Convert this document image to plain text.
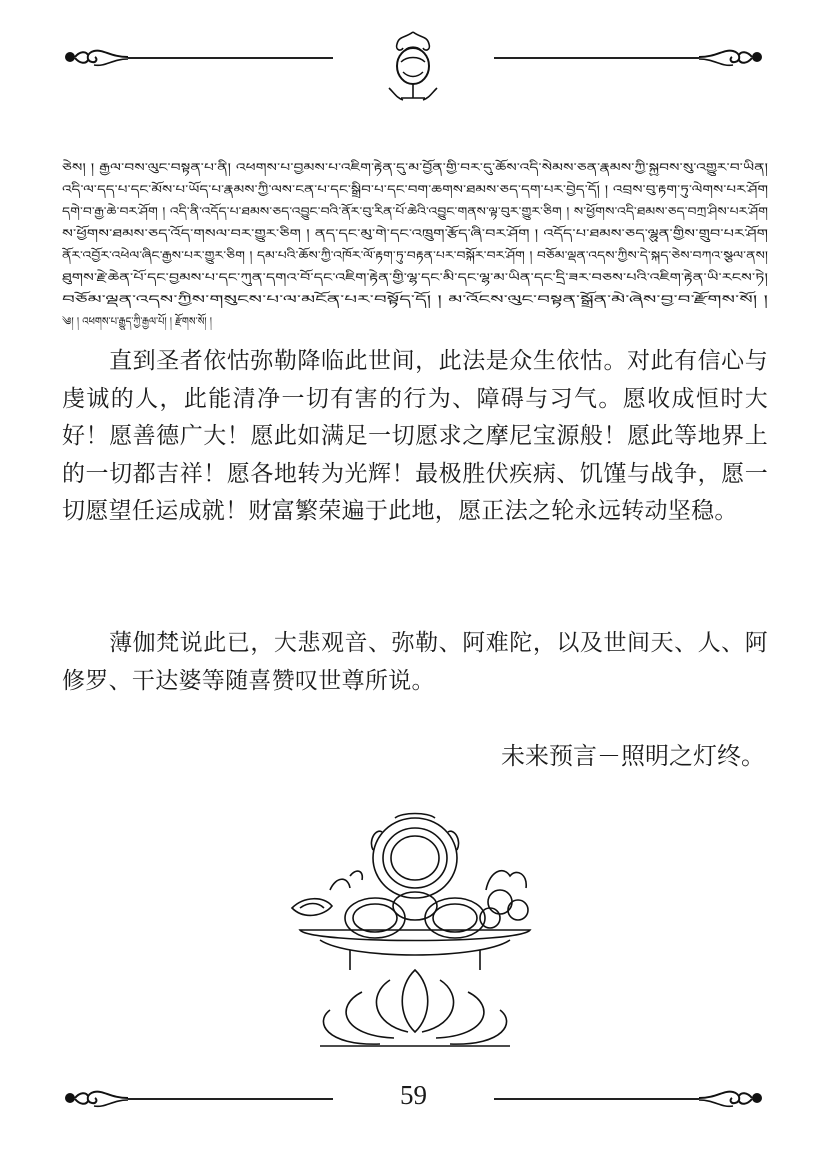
ཅེས། ། རྒྱལ་བས་ལུང་བསྟན་པ་ནི། འཕགས་པ་བྱམས་པ་འཇིག་རྟེན་དུ་མ་བྱོན་གྱི་བར་དུ་ཆོས་འདི་སེམས་ཅན་རྣམས་ཀྱི་སྐྱབས་སུ་འགྱུར་བ་ཡིན།
འདི་ལ་དད་པ་དང་མོས་པ་ཡོད་པ་རྣམས་ཀྱི་ལས་ངན་པ་དང་སྒྲིབ་པ་དང་བག་ཆགས་ཐམས་ཅད་དག་པར་བྱེད་དོ། ། འབྲས་བུ་རྟག་ཏུ་ལེགས་པར་ཤོག
དགེ་བ་རྒྱ་ཆེ་བར་ཤོག ། འདི་ནི་འདོད་པ་ཐམས་ཅད་འབྱུང་བའི་ནོར་བུ་རིན་པོ་ཆེའི་འབྱུང་གནས་ལྟ་བུར་གྱུར་ཅིག ། ས་ཕྱོགས་འདི་ཐམས་ཅད་བཀྲ་ཤིས་པར་ཤོག
ས་ཕྱོགས་ཐམས་ཅད་འོད་གསལ་བར་གྱུར་ཅིག ། ནད་དང་མུ་གེ་དང་འཁྲུག་རྩོད་ཞི་བར་ཤོག ། འདོད་པ་ཐམས་ཅད་ལྷུན་གྱིས་གྲུབ་པར་ཤོག
ནོར་འབྱོར་འཕེལ་ཞིང་རྒྱས་པར་གྱུར་ཅིག ། དམ་པའི་ཆོས་ཀྱི་འཁོར་ལོ་རྟག་ཏུ་བརྟན་པར་བསྐོར་བར་ཤོག ། བཅོམ་ལྡན་འདས་ཀྱིས་དེ་སྐད་ཅེས་བཀའ་སྩལ་ནས།
ཐུགས་རྗེ་ཆེན་པོ་དང་བྱམས་པ་དང་ཀུན་དགའ་བོ་དང་འཇིག་རྟེན་གྱི་ལྷ་དང་མི་དང་ལྷ་མ་ཡིན་དང་དྲི་ཟར་བཅས་པའི་འཇིག་རྟེན་ཡི་རངས་ཏེ།
བཅོམ་ལྡན་འདས་ཀྱིས་གསུངས་པ་ལ་མངོན་པར་བསྟོད་དོ། ། མ་འོངས་ལུང་བསྟན་སྒྲོན་མེ་ཞེས་བྱ་བ་རྫོགས་སོ། །
༄། ། འཕགས་པ་རྒྱུད་ཀྱི་རྒྱལ་པོ། ། རྫོགས་སོ། །
　　直到圣者依怙弥勒降临此世间，此法是众生依怙。对此有信心与虔诚的人，此能清净一切有害的行为、障碍与习气。愿收成恒时大好！愿善德广大！愿此如满足一切愿求之摩尼宝源般！愿此等地界上的一切都吉祥！愿各地转为光辉！最极胜伏疾病、饥馑与战争，愿一切愿望任运成就！财富繁荣遍于此地，愿正法之轮永远转动坚稳。
　　薄伽梵说此已，大悲观音、弥勒、阿难陀，以及世间天、人、阿修罗、干达婆等随喜赞叹世尊所说。
未来预言－照明之灯终。
59
